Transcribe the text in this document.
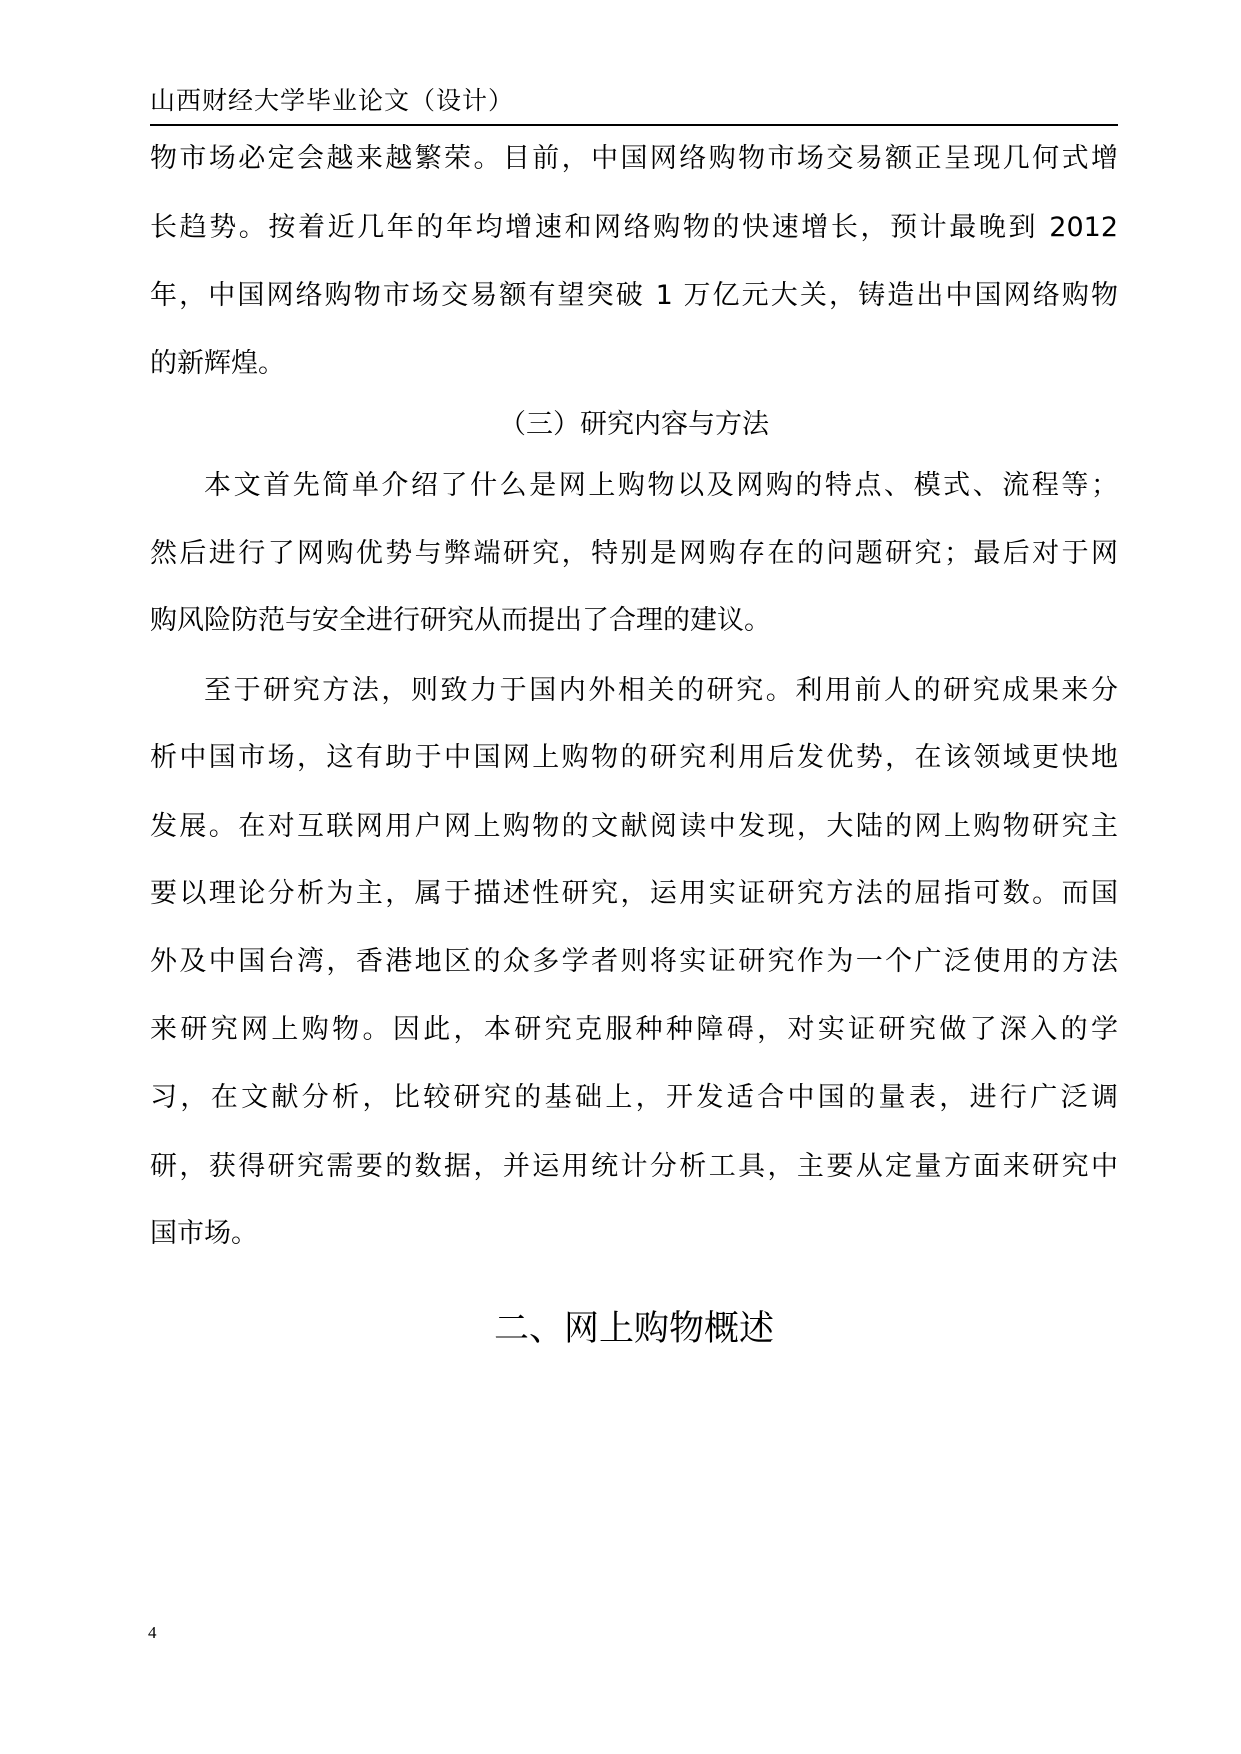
山西财经大学毕业论文（设计）
物市场必定会越来越繁荣。目前，中国网络购物市场交易额正呈现几何式增
长趋势。按着近几年的年均增速和网络购物的快速增长，预计最晚到 2012
年，中国网络购物市场交易额有望突破 1 万亿元大关，铸造出中国网络购物
的新辉煌。
（三）研究内容与方法
本文首先简单介绍了什么是网上购物以及网购的特点、模式、流程等；
然后进行了网购优势与弊端研究，特别是网购存在的问题研究；最后对于网
购风险防范与安全进行研究从而提出了合理的建议。
至于研究方法，则致力于国内外相关的研究。利用前人的研究成果来分
析中国市场，这有助于中国网上购物的研究利用后发优势，在该领域更快地
发展。在对互联网用户网上购物的文献阅读中发现，大陆的网上购物研究主
要以理论分析为主，属于描述性研究，运用实证研究方法的屈指可数。而国
外及中国台湾，香港地区的众多学者则将实证研究作为一个广泛使用的方法
来研究网上购物。因此，本研究克服种种障碍，对实证研究做了深入的学
习，在文献分析，比较研究的基础上，开发适合中国的量表，进行广泛调
研，获得研究需要的数据，并运用统计分析工具，主要从定量方面来研究中
国市场。
二、网上购物概述
4
